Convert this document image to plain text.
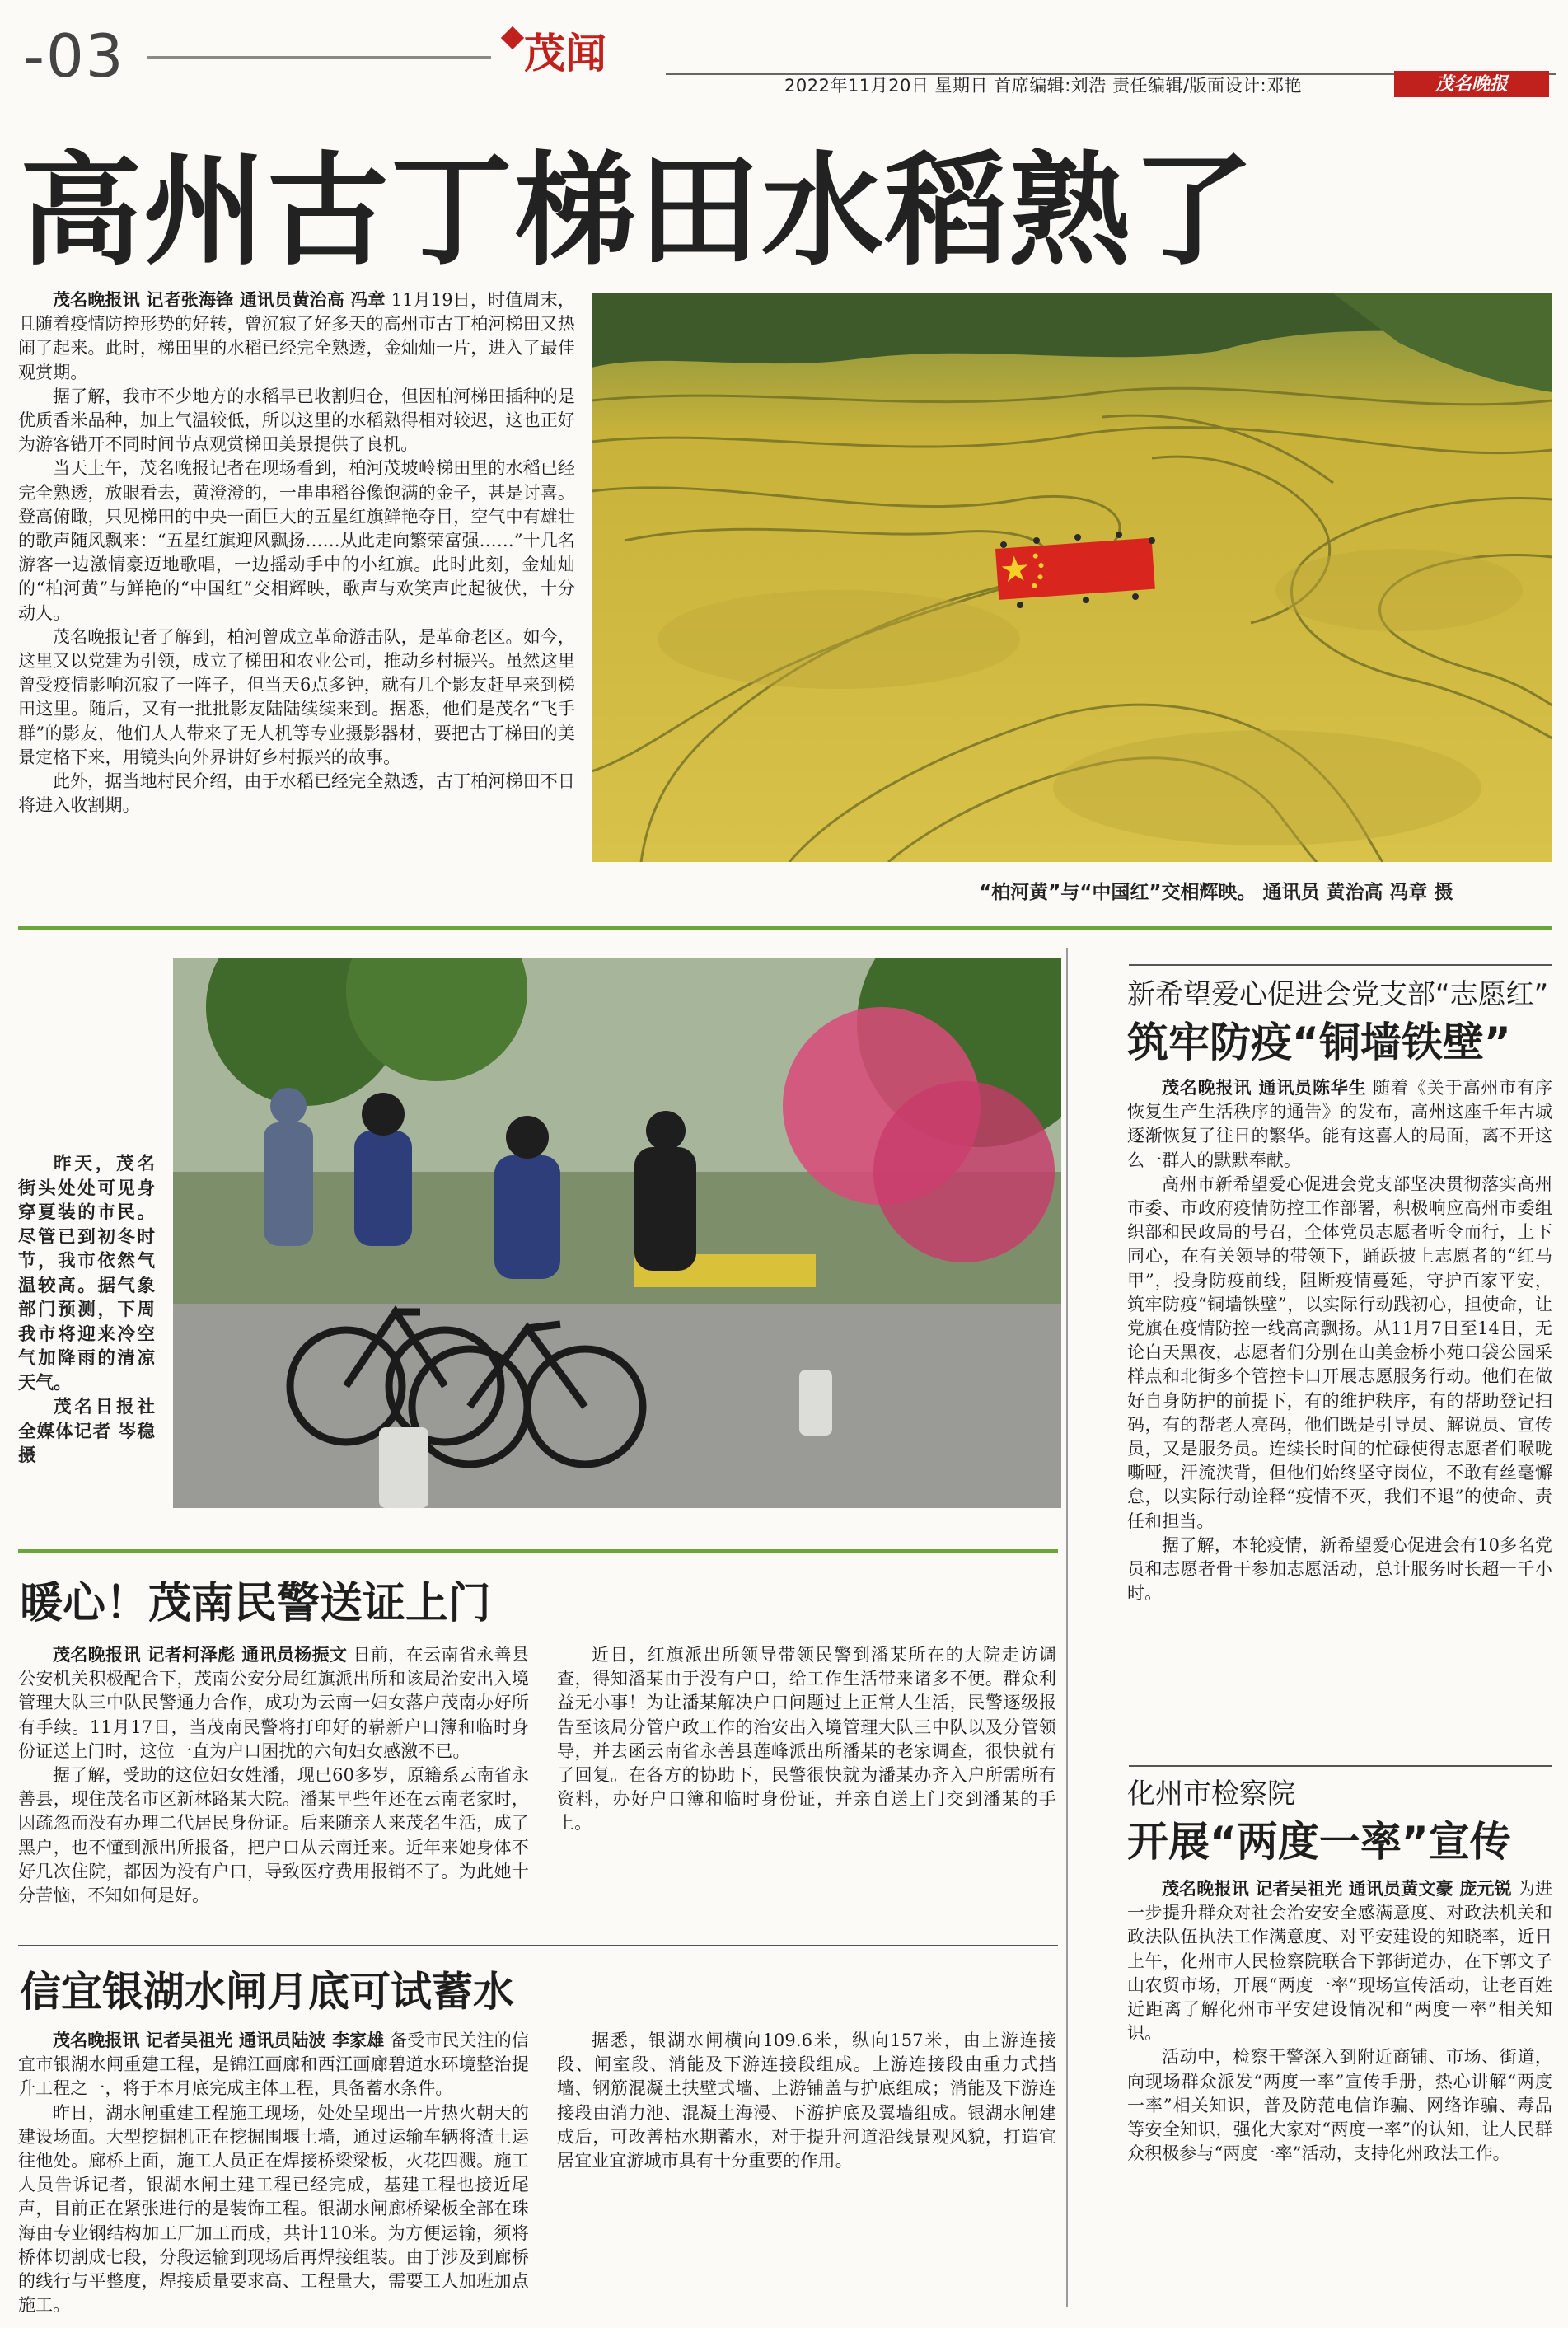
-03	茂闻
2022年11月20日 星期日 首席编辑:刘浩 责任编辑/版面设计:邓艳	茂名晚报
高州古丁梯田水稻熟了

茂名晚报讯 记者张海锋 通讯员黄治高 冯章 11月19日，时值周末，且随着疫情防控形势的好转，曾沉寂了好多天的高州市古丁柏河梯田又热闹了起来。此时，梯田里的水稻已经完全熟透，金灿灿一片，进入了最佳观赏期。

据了解，我市不少地方的水稻早已收割归仓，但因柏河梯田插种的是优质香米品种，加上气温较低，所以这里的水稻熟得相对较迟，这也正好为游客错开不同时间节点观赏梯田美景提供了良机。

当天上午，茂名晚报记者在现场看到，柏河茂坡岭梯田里的水稻已经完全熟透，放眼看去，黄澄澄的，一串串稻谷像饱满的金子，甚是讨喜。登高俯瞰，只见梯田的中央一面巨大的五星红旗鲜艳夺目，空气中有雄壮的歌声随风飘来：“五星红旗迎风飘扬……从此走向繁荣富强……”十几名游客一边激情豪迈地歌唱，一边摇动手中的小红旗。此时此刻，金灿灿的“柏河黄”与鲜艳的“中国红”交相辉映，歌声与欢笑声此起彼伏，十分动人。

茂名晚报记者了解到，柏河曾成立革命游击队，是革命老区。如今，这里又以党建为引领，成立了梯田和农业公司，推动乡村振兴。虽然这里曾受疫情影响沉寂了一阵子，但当天6点多钟，就有几个影友赶早来到梯田这里。随后，又有一批批影友陆陆续续来到。据悉，他们是茂名“飞手群”的影友，他们人人带来了无人机等专业摄影器材，要把古丁梯田的美景定格下来，用镜头向外界讲好乡村振兴的故事。

此外，据当地村民介绍，由于水稻已经完全熟透，古丁柏河梯田不日将进入收割期。

“柏河黄”与“中国红”交相辉映。 通讯员 黄治高 冯章 摄
昨天，茂名街头处处可见身穿夏装的市民。尽管已到初冬时节，我市依然气温较高。据气象部门预测，下周我市将迎来冷空气加降雨的清凉天气。
茂名日报社全媒体记者 岑稳 摄
暖心！茂南民警送证上门

茂名晚报讯 记者柯泽彪 通讯员杨振文 日前，在云南省永善县公安机关积极配合下，茂南公安分局红旗派出所和该局治安出入境管理大队三中队民警通力合作，成功为云南一妇女落户茂南办好所有手续。11月17日，当茂南民警将打印好的崭新户口簿和临时身份证送上门时，这位一直为户口困扰的六旬妇女感激不已。

据了解，受助的这位妇女姓潘，现已60多岁，原籍系云南省永善县，现住茂名市区新林路某大院。潘某早些年还在云南老家时，因疏忽而没有办理二代居民身份证。后来随亲人来茂名生活，成了黑户，也不懂到派出所报备，把户口从云南迁来。近年来她身体不好几次住院，都因为没有户口，导致医疗费用报销不了。为此她十分苦恼，不知如何是好。

近日，红旗派出所领导带领民警到潘某所在的大院走访调查，得知潘某由于没有户口，给工作生活带来诸多不便。群众利益无小事！为让潘某解决户口问题过上正常人生活，民警逐级报告至该局分管户政工作的治安出入境管理大队三中队以及分管领导，并去函云南省永善县莲峰派出所潘某的老家调查，很快就有了回复。在各方的协助下，民警很快就为潘某办齐入户所需所有资料，办好户口簿和临时身份证，并亲自送上门交到潘某的手上。

信宜银湖水闸月底可试蓄水

茂名晚报讯 记者吴祖光 通讯员陆波 李家雄 备受市民关注的信宜市银湖水闸重建工程，是锦江画廊和西江画廊碧道水环境整治提升工程之一，将于本月底完成主体工程，具备蓄水条件。

昨日，湖水闸重建工程施工现场，处处呈现出一片热火朝天的建设场面。大型挖掘机正在挖掘围堰土墙，通过运输车辆将渣土运往他处。廊桥上面，施工人员正在焊接桥梁梁板，火花四溅。施工人员告诉记者，银湖水闸土建工程已经完成，基建工程也接近尾声，目前正在紧张进行的是装饰工程。银湖水闸廊桥梁板全部在珠海由专业钢结构加工厂加工而成，共计110米。为方便运输，须将桥体切割成七段，分段运输到现场后再焊接组装。由于涉及到廊桥的线行与平整度，焊接质量要求高、工程量大，需要工人加班加点施工。

据悉，银湖水闸横向109.6米，纵向157米，由上游连接段、闸室段、消能及下游连接段组成。上游连接段由重力式挡墙、钢筋混凝土扶壁式墙、上游铺盖与护底组成；消能及下游连接段由消力池、混凝土海漫、下游护底及翼墙组成。银湖水闸建成后，可改善枯水期蓄水，对于提升河道沿线景观风貌，打造宜居宜业宜游城市具有十分重要的作用。

新希望爱心促进会党支部“志愿红”
筑牢防疫“铜墙铁壁”

茂名晚报讯 通讯员陈华生 随着《关于高州市有序恢复生产生活秩序的通告》的发布，高州这座千年古城逐渐恢复了往日的繁华。能有这喜人的局面，离不开这么一群人的默默奉献。

高州市新希望爱心促进会党支部坚决贯彻落实高州市委、市政府疫情防控工作部署，积极响应高州市委组织部和民政局的号召，全体党员志愿者听令而行，上下同心，在有关领导的带领下，踊跃披上志愿者的“红马甲”，投身防疫前线，阻断疫情蔓延，守护百家平安，筑牢防疫“铜墙铁壁”，以实际行动践初心，担使命，让党旗在疫情防控一线高高飘扬。从11月7日至14日，无论白天黑夜，志愿者们分别在山美金桥小苑口袋公园采样点和北街多个管控卡口开展志愿服务行动。他们在做好自身防护的前提下，有的维护秩序，有的帮助登记扫码，有的帮老人亮码，他们既是引导员、解说员、宣传员，又是服务员。连续长时间的忙碌使得志愿者们喉咙嘶哑，汗流浃背，但他们始终坚守岗位，不敢有丝毫懈怠，以实际行动诠释“疫情不灭，我们不退”的使命、责任和担当。

据了解，本轮疫情，新希望爱心促进会有10多名党员和志愿者骨干参加志愿活动，总计服务时长超一千小时。

化州市检察院
开展“两度一率”宣传

茂名晚报讯 记者吴祖光 通讯员黄文豪 庞元锐 为进一步提升群众对社会治安安全感满意度、对政法机关和政法队伍执法工作满意度、对平安建设的知晓率，近日上午，化州市人民检察院联合下郭街道办，在下郭文子山农贸市场，开展“两度一率”现场宣传活动，让老百姓近距离了解化州市平安建设情况和“两度一率”相关知识。

活动中，检察干警深入到附近商铺、市场、街道，向现场群众派发“两度一率”宣传手册，热心讲解“两度一率”相关知识，普及防范电信诈骗、网络诈骗、毒品等安全知识，强化大家对“两度一率”的认知，让人民群众积极参与“两度一率”活动，支持化州政法工作。
